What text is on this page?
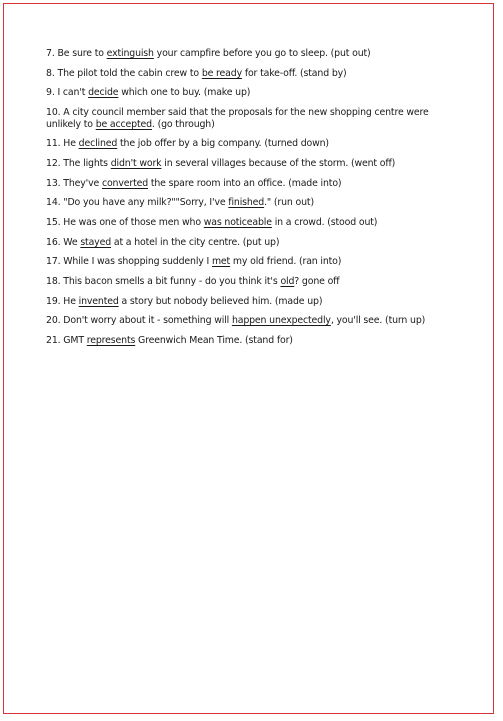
7. Be sure to extinguish your campfire before you go to sleep. (put out)
8. The pilot told the cabin crew to be ready for take-off. (stand by)
9. I can't decide which one to buy. (make up)
10. A city council member said that the proposals for the new shopping centre were unlikely to be accepted. (go through)
11. He declined the job offer by a big company. (turned down)
12. The lights didn't work in several villages because of the storm. (went off)
13. They've converted the spare room into an office. (made into)
14. "Do you have any milk?""Sorry, I've finished." (run out)
15. He was one of those men who was noticeable in a crowd. (stood out)
16. We stayed at a hotel in the city centre. (put up)
17. While I was shopping suddenly I met my old friend. (ran into)
18. This bacon smells a bit funny - do you think it's old? gone off
19. He invented a story but nobody believed him. (made up)
20. Don't worry about it - something will happen unexpectedly, you'll see. (turn up)
21. GMT represents Greenwich Mean Time. (stand for)
